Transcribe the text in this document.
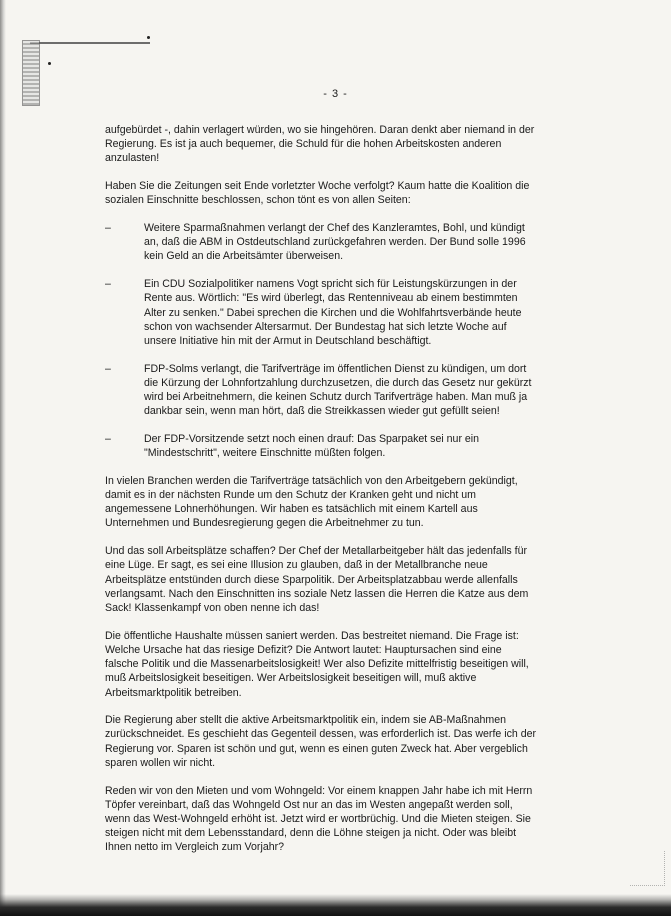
- 3 -

aufgebürdet -, dahin verlagert würden, wo sie hingehören. Daran denkt aber niemand in der Regierung. Es ist ja auch bequemer, die Schuld für die hohen Arbeitskosten anderen anzulasten!

Haben Sie die Zeitungen seit Ende vorletzter Woche verfolgt? Kaum hatte die Koalition die sozialen Einschnitte beschlossen, schon tönt es von allen Seiten:

–	Weitere Sparmaßnahmen verlangt der Chef des Kanzleramtes, Bohl, und kündigt an, daß die ABM in Ostdeutschland zurückgefahren werden. Der Bund solle 1996 kein Geld an die Arbeitsämter überweisen.
–	Ein CDU Sozialpolitiker namens Vogt spricht sich für Leistungskürzungen in der Rente aus. Wörtlich: "Es wird überlegt, das Rentenniveau ab einem bestimmten Alter zu senken." Dabei sprechen die Kirchen und die Wohlfahrtsverbände heute schon von wachsender Altersarmut. Der Bundestag hat sich letzte Woche auf unsere Initiative hin mit der Armut in Deutschland beschäftigt.
–	FDP-Solms verlangt, die Tarifverträge im öffentlichen Dienst zu kündigen, um dort die Kürzung der Lohnfortzahlung durchzusetzen, die durch das Gesetz nur gekürzt wird bei Arbeitnehmern, die keinen Schutz durch Tarifverträge haben. Man muß ja dankbar sein, wenn man hört, daß die Streikkassen wieder gut gefüllt seien!
–	Der FDP-Vorsitzende setzt noch einen drauf: Das Sparpaket sei nur ein "Mindestschritt", weitere Einschnitte müßten folgen.

In vielen Branchen werden die Tarifverträge tatsächlich von den Arbeitgebern gekündigt, damit es in der nächsten Runde um den Schutz der Kranken geht und nicht um angemessene Lohnerhöhungen. Wir haben es tatsächlich mit einem Kartell aus Unternehmen und Bundesregierung gegen die Arbeitnehmer zu tun.

Und das soll Arbeitsplätze schaffen? Der Chef der Metallarbeitgeber hält das jedenfalls für eine Lüge. Er sagt, es sei eine Illusion zu glauben, daß in der Metallbranche neue Arbeitsplätze entstünden durch diese Sparpolitik. Der Arbeitsplatzabbau werde allenfalls verlangsamt. Nach den Einschnitten ins soziale Netz lassen die Herren die Katze aus dem Sack! Klassenkampf von oben nenne ich das!

Die öffentliche Haushalte müssen saniert werden. Das bestreitet niemand. Die Frage ist: Welche Ursache hat das riesige Defizit? Die Antwort lautet: Hauptursachen sind eine falsche Politik und die Massenarbeitslosigkeit! Wer also Defizite mittelfristig beseitigen will, muß Arbeitslosigkeit beseitigen. Wer Arbeitslosigkeit beseitigen will, muß aktive Arbeitsmarktpolitik betreiben.

Die Regierung aber stellt die aktive Arbeitsmarktpolitik ein, indem sie AB-Maßnahmen zurückschneidet. Es geschieht das Gegenteil dessen, was erforderlich ist. Das werfe ich der Regierung vor. Sparen ist schön und gut, wenn es einen guten Zweck hat. Aber vergeblich sparen wollen wir nicht.

Reden wir von den Mieten und vom Wohngeld: Vor einem knappen Jahr habe ich mit Herrn Töpfer vereinbart, daß das Wohngeld Ost nur an das im Westen angepaßt werden soll, wenn das West-Wohngeld erhöht ist. Jetzt wird er wortbrüchig. Und die Mieten steigen. Sie steigen nicht mit dem Lebensstandard, denn die Löhne steigen ja nicht. Oder was bleibt Ihnen netto im Vergleich zum Vorjahr?
